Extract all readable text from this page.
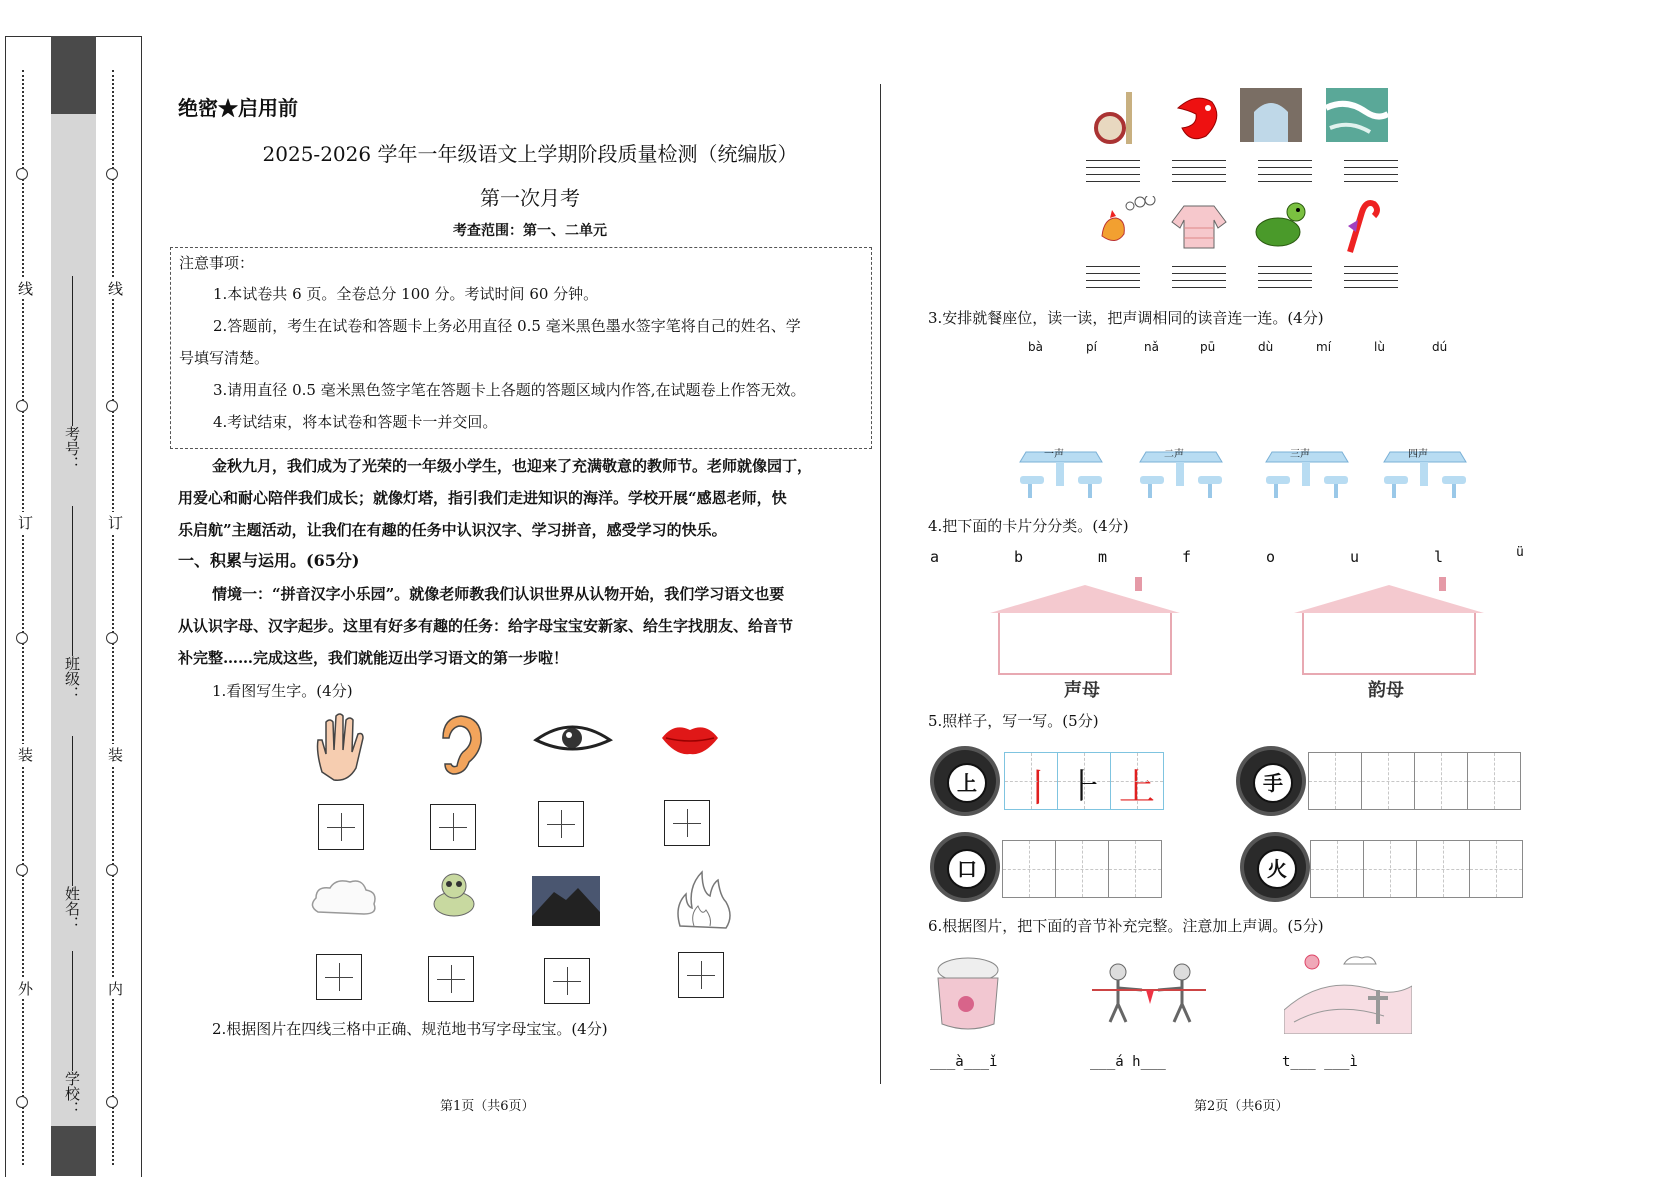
线
订
装
外
线
订
装
内
考号：
班级：
姓名：
学校：
绝密★启用前
2025-2026 学年一年级语文上学期阶段质量检测（统编版）
第一次月考
考查范围：第一、二单元
注意事项：
1.本试卷共 6 页。全卷总分 100 分。考试时间 60 分钟。
2.答题前，考生在试卷和答题卡上务必用直径 0.5 毫米黑色墨水签字笔将自己的姓名、学
号填写清楚。
3.请用直径 0.5 毫米黑色签字笔在答题卡上各题的答题区域内作答,在试题卷上作答无效。
4.考试结束，将本试卷和答题卡一并交回。
金秋九月，我们成为了光荣的一年级小学生，也迎来了充满敬意的教师节。老师就像园丁，
用爱心和耐心陪伴我们成长；就像灯塔，指引我们走进知识的海洋。学校开展“感恩老师，快
乐启航”主题活动，让我们在有趣的任务中认识汉字、学习拼音，感受学习的快乐。
一、积累与运用。(65分)
情境一：“拼音汉字小乐园”。就像老师教我们认识世界从认物开始，我们学习语文也要
从认识字母、汉字起步。这里有好多有趣的任务：给字母宝宝安新家、给生字找朋友、给音节
补完整……完成这些，我们就能迈出学习语文的第一步啦！
1.看图写生字。(4分)
2.根据图片在四线三格中正确、规范地书写字母宝宝。(4分)
第1页（共6页）
3.安排就餐座位，读一读，把声调相同的读音连一连。(4分)
bà	pí	nǎ	pū	dù	mí	lù	dú
一声	二声	三声	四声
4.把下面的卡片分分类。(4分)
a	b	m	f	o	u	l	ü
声母	韵母
5.照样子，写一写。(5分)
上 丨 ⺊ 上	手
口	火
6.根据图片，把下面的音节补充完整。注意加上声调。(5分)
___à___ǐ	___á h___	t___ ___ì
第2页（共6页）
